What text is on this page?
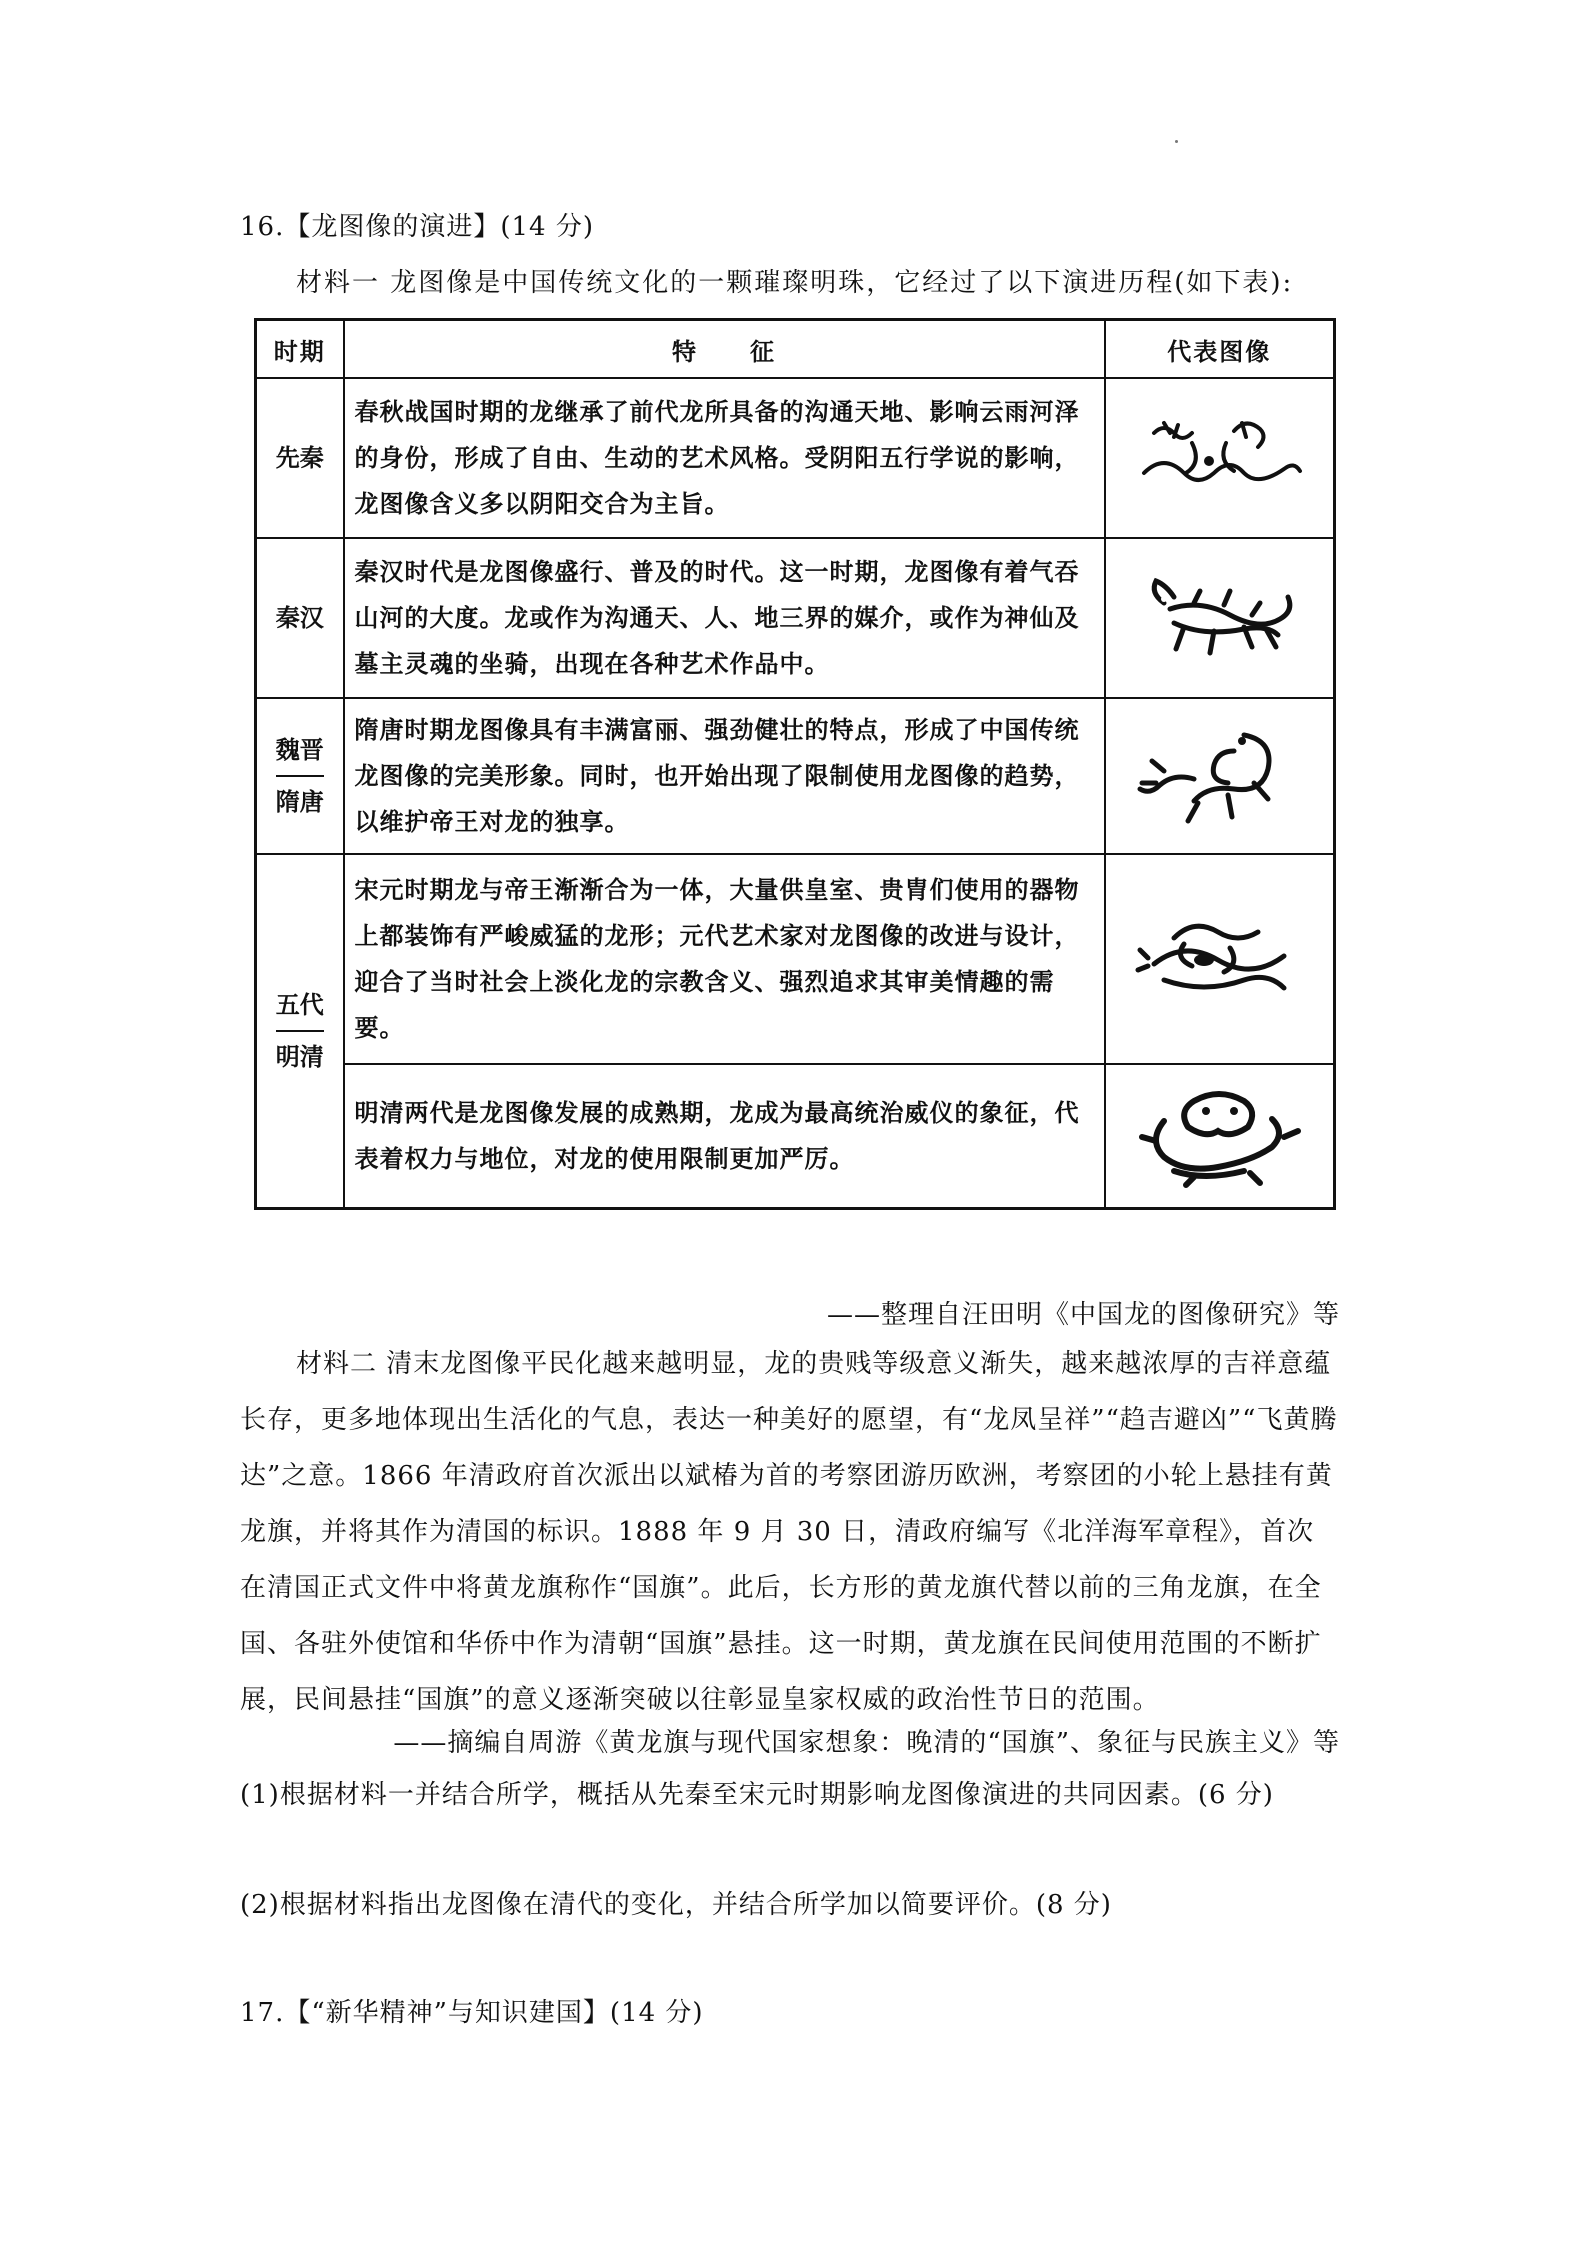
16.【龙图像的演进】(14 分)
材料一 龙图像是中国传统文化的一颗璀璨明珠，它经过了以下演进历程(如下表):
时期	特　　征	代表图像
先秦	春秋战国时期的龙继承了前代龙所具备的沟通天地、影响云雨河泽的身份，形成了自由、生动的艺术风格。受阴阳五行学说的影响，龙图像含义多以阴阳交合为主旨。	

秦汉	秦汉时代是龙图像盛行、普及的时代。这一时期，龙图像有着气吞山河的大度。龙或作为沟通天、人、地三界的媒介，或作为神仙及墓主灵魂的坐骑，出现在各种艺术作品中。	

魏晋
隋唐	隋唐时期龙图像具有丰满富丽、强劲健壮的特点，形成了中国传统龙图像的完美形象。同时，也开始出现了限制使用龙图像的趋势，以维护帝王对龙的独享。	

五代
明清	宋元时期龙与帝王渐渐合为一体，大量供皇室、贵胄们使用的器物上都装饰有严峻威猛的龙形；元代艺术家对龙图像的改进与设计，迎合了当时社会上淡化龙的宗教含义、强烈追求其审美情趣的需要。	

	明清两代是龙图像发展的成熟期，龙成为最高统治威仪的象征，代表着权力与地位，对龙的使用限制更加严厉。	
——整理自汪田明《中国龙的图像研究》等
材料二 清末龙图像平民化越来越明显，龙的贵贱等级意义渐失，越来越浓厚的吉祥意蕴长存，更多地体现出生活化的气息，表达一种美好的愿望，有“龙凤呈祥”“趋吉避凶”“飞黄腾达”之意。1866 年清政府首次派出以斌椿为首的考察团游历欧洲，考察团的小轮上悬挂有黄龙旗，并将其作为清国的标识。1888 年 9 月 30 日，清政府编写《北洋海军章程》，首次在清国正式文件中将黄龙旗称作“国旗”。此后，长方形的黄龙旗代替以前的三角龙旗，在全国、各驻外使馆和华侨中作为清朝“国旗”悬挂。这一时期，黄龙旗在民间使用范围的不断扩展，民间悬挂“国旗”的意义逐渐突破以往彰显皇家权威的政治性节日的范围。
——摘编自周游《黄龙旗与现代国家想象：晚清的“国旗”、象征与民族主义》等
(1)根据材料一并结合所学，概括从先秦至宋元时期影响龙图像演进的共同因素。(6 分)
(2)根据材料指出龙图像在清代的变化，并结合所学加以简要评价。(8 分)
17.【“新华精神”与知识建国】(14 分)
